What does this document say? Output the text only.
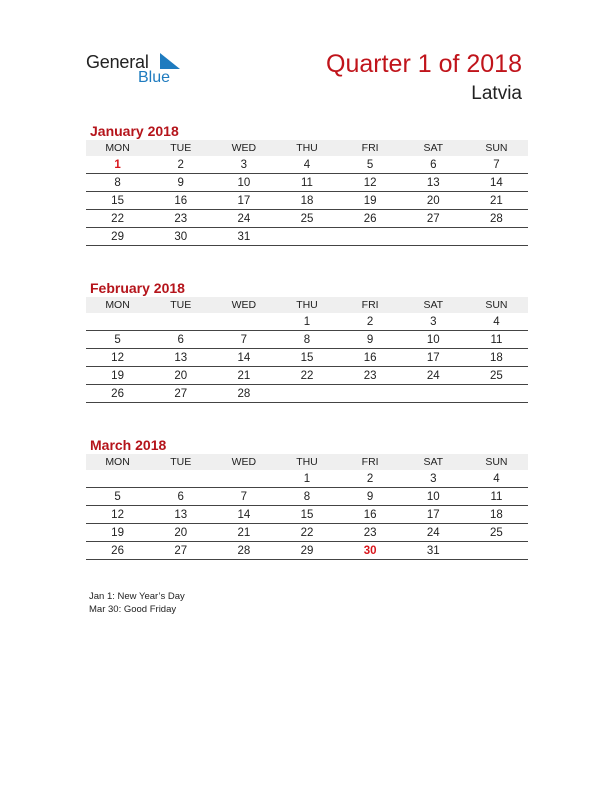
General
Blue	Quarter 1 of 2018
Latvia
January 2018
MON	TUE	WED	THU	FRI	SAT	SUN
1	2	3	4	5	6	7
8	9	10	11	12	13	14
15	16	17	18	19	20	21
22	23	24	25	26	27	28
29	30	31				
February 2018
MON	TUE	WED	THU	FRI	SAT	SUN
			1	2	3	4
5	6	7	8	9	10	11
12	13	14	15	16	17	18
19	20	21	22	23	24	25
26	27	28				
March 2018
MON	TUE	WED	THU	FRI	SAT	SUN
			1	2	3	4
5	6	7	8	9	10	11
12	13	14	15	16	17	18
19	20	21	22	23	24	25
26	27	28	29	30	31	
Jan 1: New Year’s Day
Mar 30: Good Friday
